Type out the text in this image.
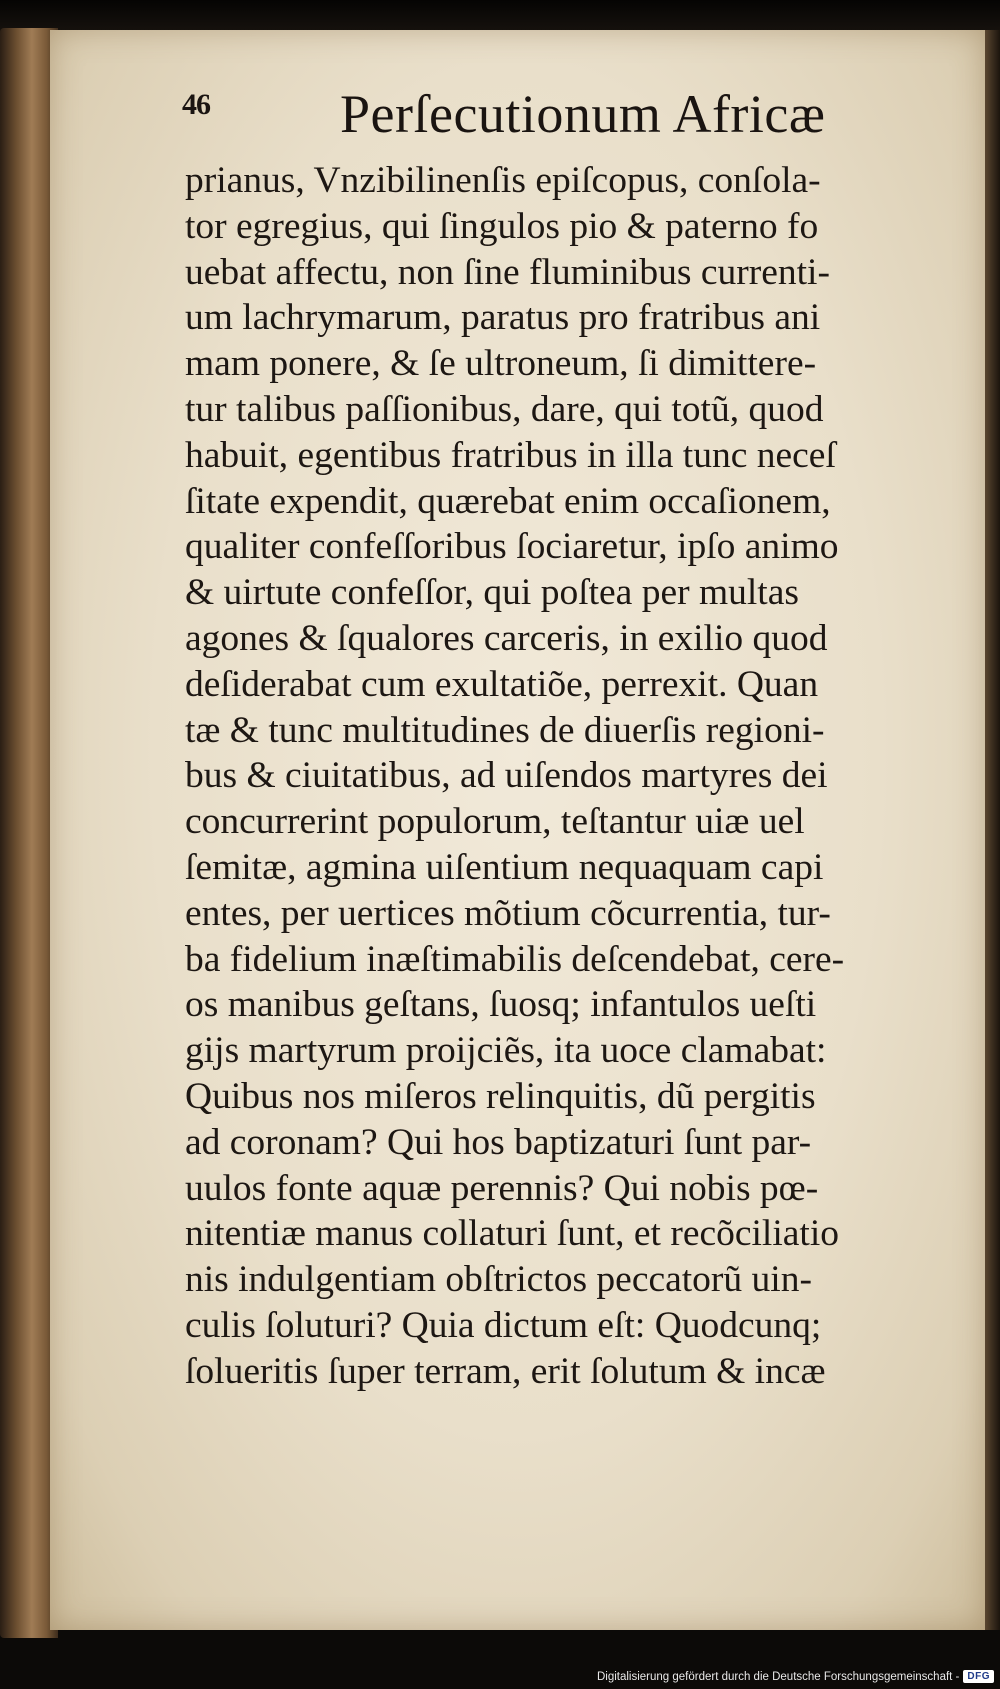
46 Perſecutionum Africæ
prianus, Vnzibilinenſis epiſcopus, conſola-
tor egregius, qui ſingulos pio & paterno fo
uebat affectu, non ſine fluminibus currenti-
um lachrymarum, paratus pro fratribus ani
mam ponere, & ſe ultroneum, ſi dimittere-
tur talibus paſſionibus, dare, qui totũ, quod
habuit, egentibus fratribus in illa tunc neceſ
ſitate expendit, quærebat enim occaſionem,
qualiter confeſſoribus ſociaretur, ipſo animo
& uirtute confeſſor, qui poſtea per multas
agones & ſqualores carceris, in exilio quod
deſiderabat cum exultatiõe, perrexit. Quan
tæ & tunc multitudines de diuerſis regioni-
bus & ciuitatibus, ad uiſendos martyres dei
concurrerint populorum, teſtantur uiæ uel
ſemitæ, agmina uiſentium nequaquam capi
entes, per uertices mõtium cõcurrentia, tur-
ba fidelium inæſtimabilis deſcendebat, cere-
os manibus geſtans, ſuosq; infantulos ueſti
gijs martyrum proijciẽs, ita uoce clamabat:
Quibus nos miſeros relinquitis, dũ pergitis
ad coronam? Qui hos baptizaturi ſunt par-
uulos fonte aquæ perennis? Qui nobis pœ-
nitentiæ manus collaturi ſunt, et recõciliatio
nis indulgentiam obſtrictos peccatorũ uin-
culis ſoluturi? Quia dictum eſt: Quodcunq;
ſolueritis ſuper terram, erit ſolutum & incæ
Digitalisierung gefördert durch die Deutsche Forschungsgemeinschaft - DFG
